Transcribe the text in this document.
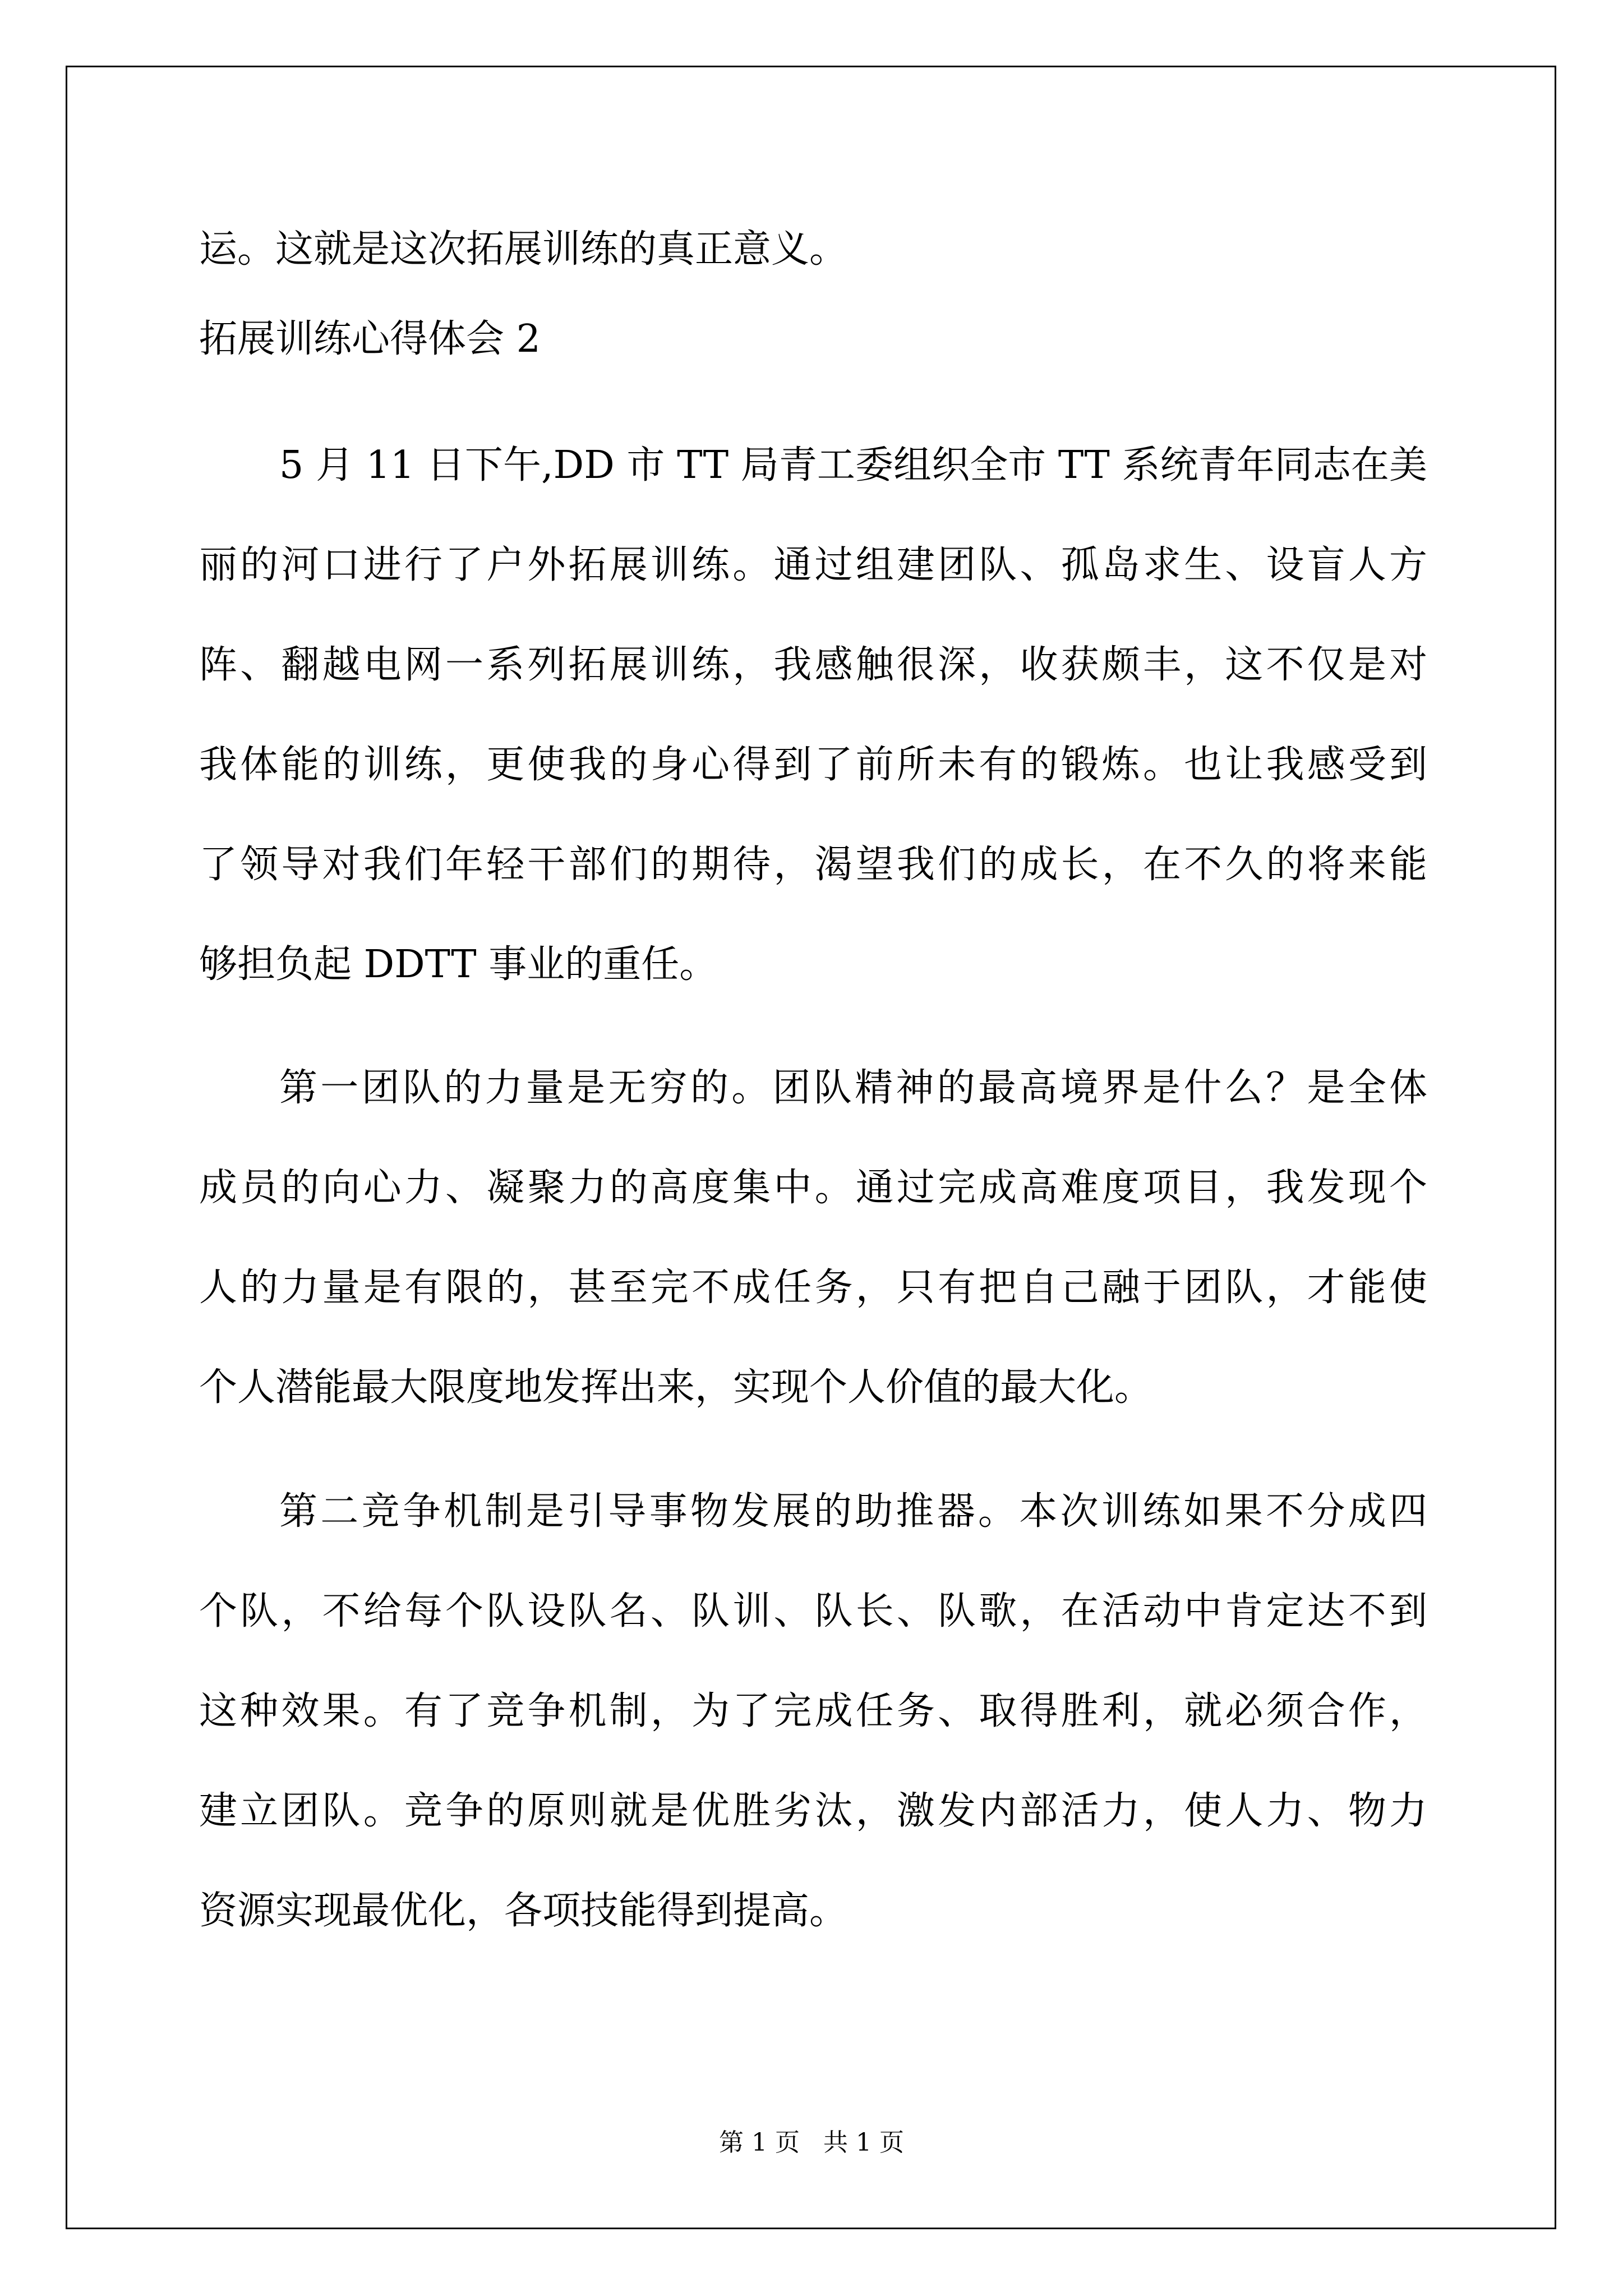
运。这就是这次拓展训练的真正意义。
拓展训练心得体会 2
5 月 11 日下午,DD 市 TT 局青工委组织全市 TT 系统青年同志在美
丽的河口进行了户外拓展训练。通过组建团队、孤岛求生、设盲人方
阵、翻越电网一系列拓展训练，我感触很深，收获颇丰，这不仅是对
我体能的训练，更使我的身心得到了前所未有的锻炼。也让我感受到
了领导对我们年轻干部们的期待，渴望我们的成长，在不久的将来能
够担负起 DDTT 事业的重任。
第一团队的力量是无穷的。团队精神的最高境界是什么？是全体
成员的向心力、凝聚力的高度集中。通过完成高难度项目，我发现个
人的力量是有限的，甚至完不成任务，只有把自己融于团队，才能使
个人潜能最大限度地发挥出来，实现个人价值的最大化。
第二竞争机制是引导事物发展的助推器。本次训练如果不分成四
个队，不给每个队设队名、队训、队长、队歌，在活动中肯定达不到
这种效果。有了竞争机制，为了完成任务、取得胜利，就必须合作，
建立团队。竞争的原则就是优胜劣汰，激发内部活力，使人力、物力
资源实现最优化，各项技能得到提高。
第 1 页   共 1 页
